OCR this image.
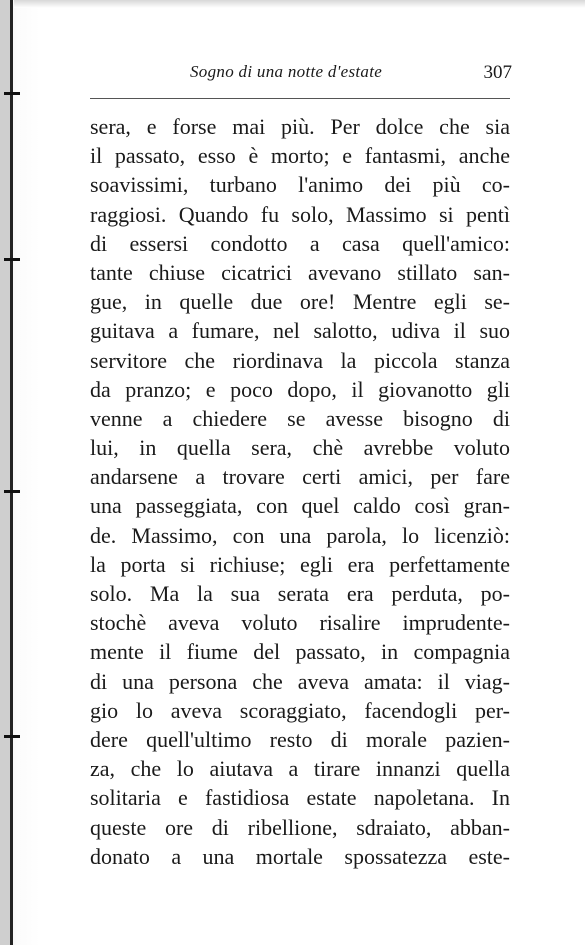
Sogno di una notte d'estate	307
sera, e forse mai più. Per dolce che sia
il passato, esso è morto; e fantasmi, anche
soavissimi, turbano l'animo dei più co-
raggiosi. Quando fu solo, Massimo si pentì
di essersi condotto a casa quell'amico:
tante chiuse cicatrici avevano stillato san-
gue, in quelle due ore! Mentre egli se-
guitava a fumare, nel salotto, udiva il suo
servitore che riordinava la piccola stanza
da pranzo; e poco dopo, il giovanotto gli
venne a chiedere se avesse bisogno di
lui, in quella sera, chè avrebbe voluto
andarsene a trovare certi amici, per fare
una passeggiata, con quel caldo così gran-
de. Massimo, con una parola, lo licenziò:
la porta si richiuse; egli era perfettamente
solo. Ma la sua serata era perduta, po-
stochè aveva voluto risalire imprudente-
mente il fiume del passato, in compagnia
di una persona che aveva amata: il viag-
gio lo aveva scoraggiato, facendogli per-
dere quell'ultimo resto di morale pazien-
za, che lo aiutava a tirare innanzi quella
solitaria e fastidiosa estate napoletana. In
queste ore di ribellione, sdraiato, abban-
donato a una mortale spossatezza este-
